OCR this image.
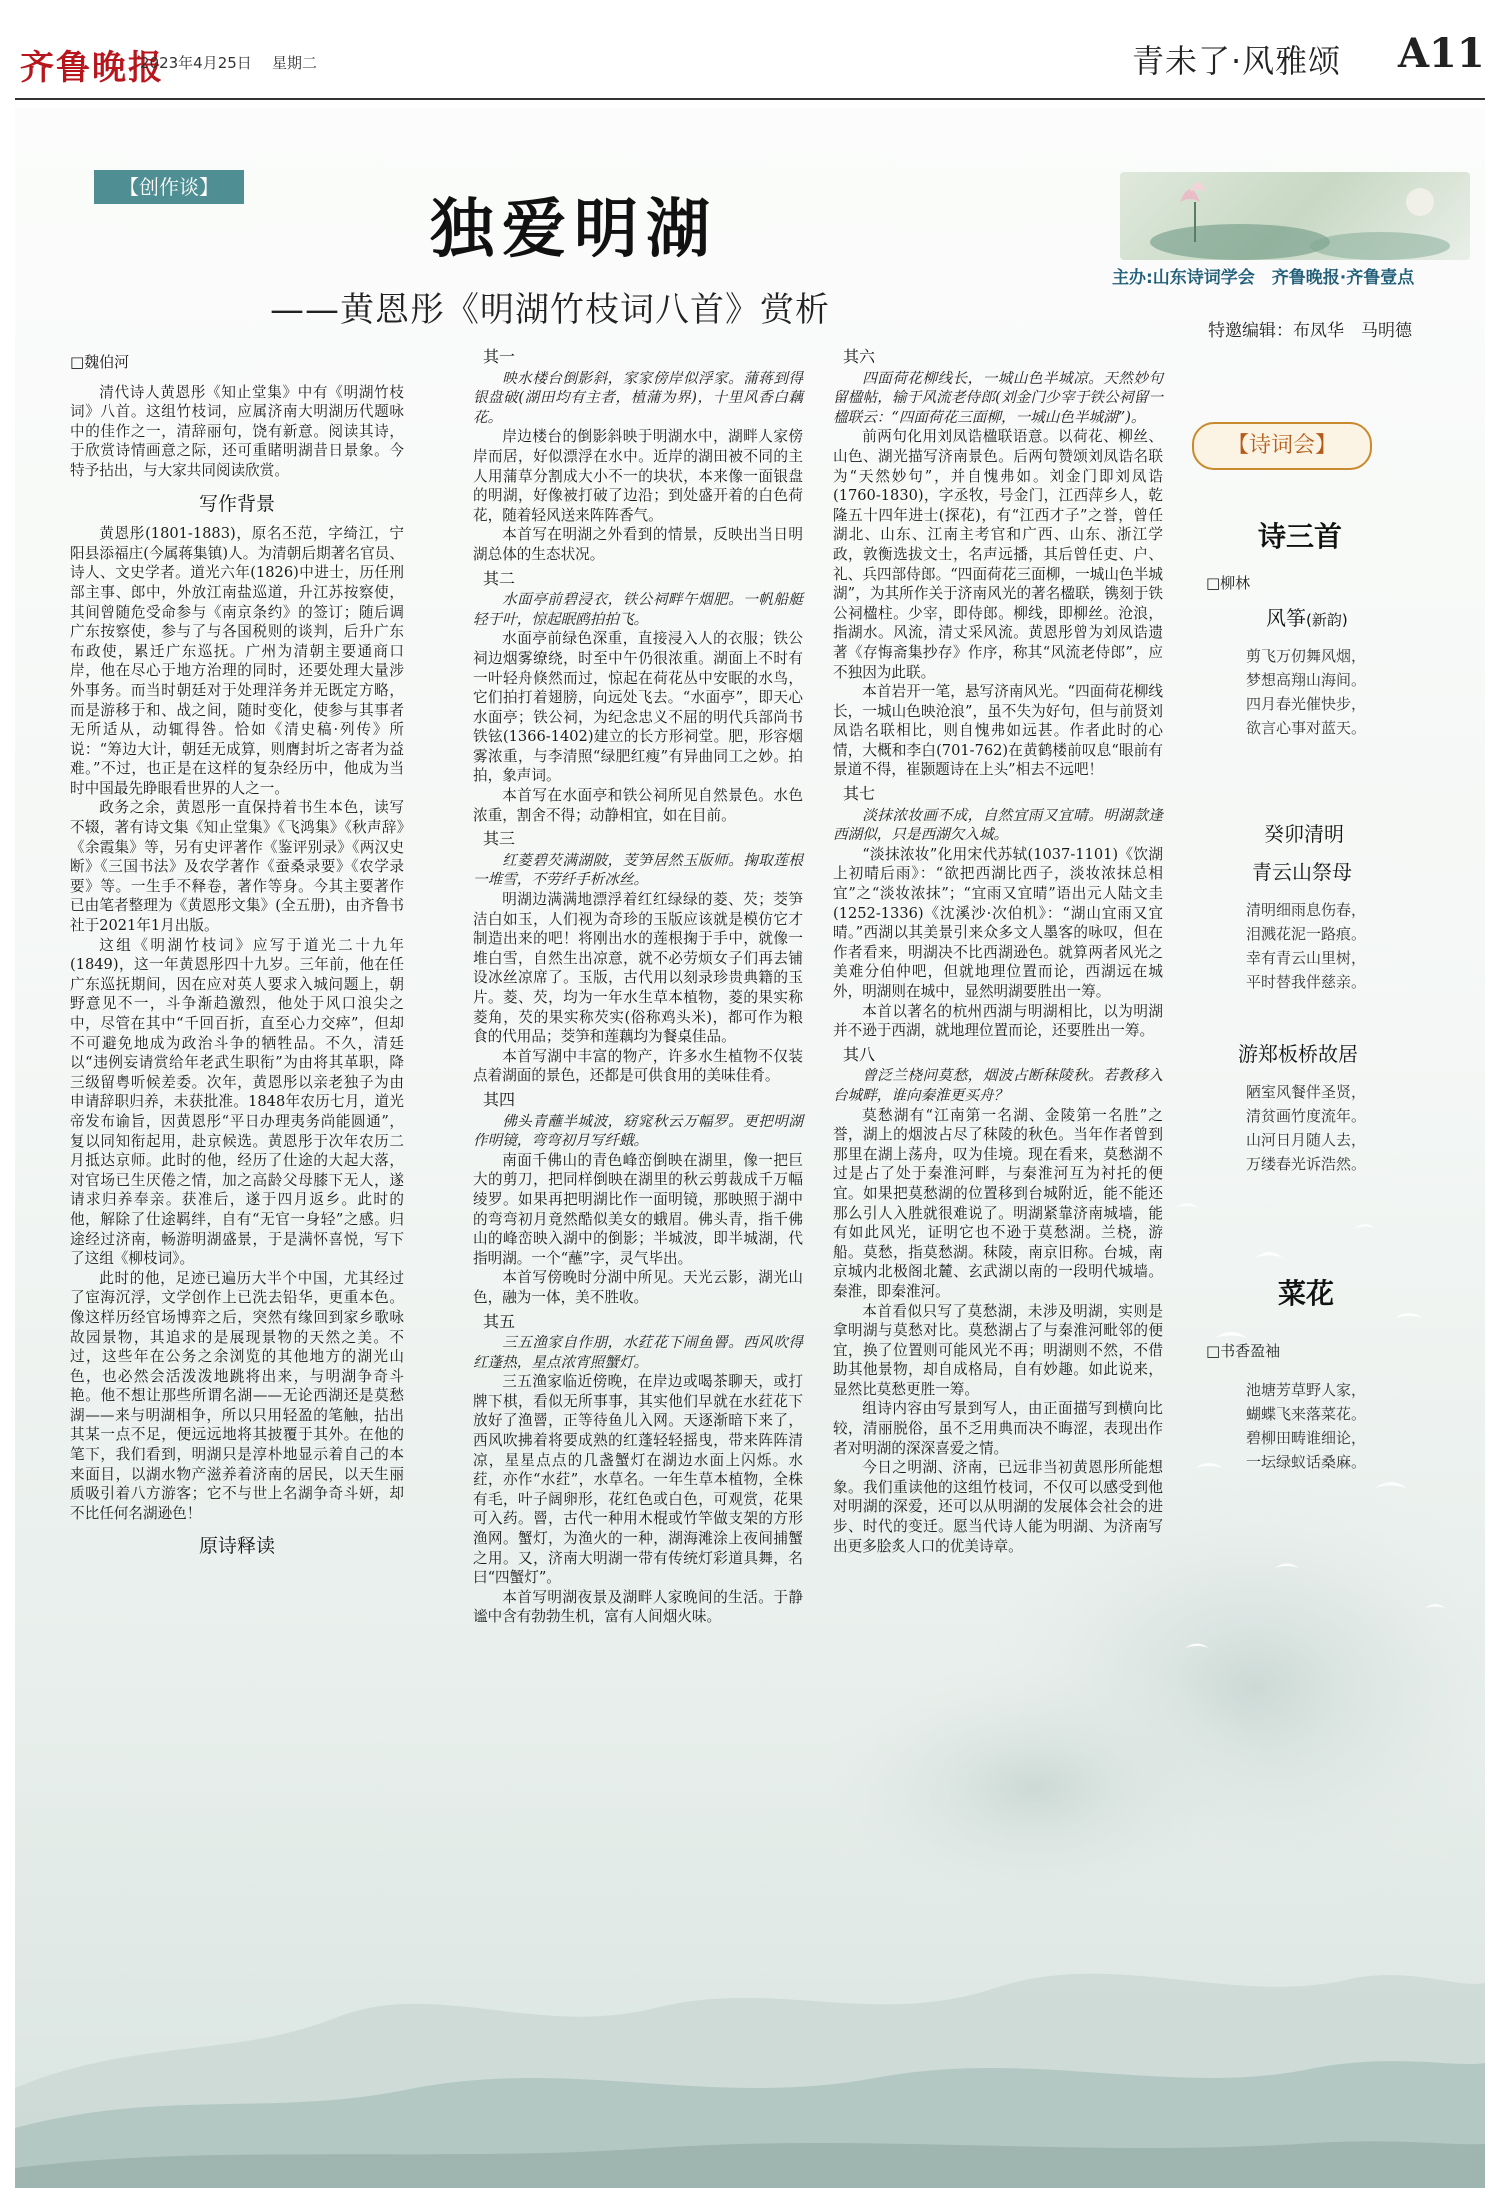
齐鲁晚报
2023年4月25日 星期二	青未了·风雅颂 A11
【创作谈】
独爱明湖
——黄恩彤《明湖竹枝词八首》赏析
主办:山东诗词学会　齐鲁晚报·齐鲁壹点
特邀编辑：布凤华　马明德
□魏伯河

清代诗人黄恩彤《知止堂集》中有《明湖竹枝词》八首。这组竹枝词，应属济南大明湖历代题咏中的佳作之一，清辞丽句，饶有新意。阅读其诗，于欣赏诗情画意之际，还可重睹明湖昔日景象。今特予拈出，与大家共同阅读欣赏。

写作背景

黄恩彤(1801-1883)，原名丕范，字绮江，宁阳县添福庄(今属蒋集镇)人。为清朝后期著名官员、诗人、文史学者。道光六年(1826)中进士，历任刑部主事、郎中，外放江南盐巡道，升江苏按察使，其间曾随危受命参与《南京条约》的签订；随后调广东按察使，参与了与各国税则的谈判，后升广东布政使，累迁广东巡抚。广州为清朝主要通商口岸，他在尽心于地方治理的同时，还要处理大量涉外事务。而当时朝廷对于处理洋务并无既定方略，而是游移于和、战之间，随时变化，使参与其事者无所适从，动辄得咎。恰如《清史稿·列传》所说：“筹边大计，朝廷无成算，则膺封圻之寄者为益难。”不过，也正是在这样的复杂经历中，他成为当时中国最先睁眼看世界的人之一。

政务之余，黄恩彤一直保持着书生本色，读写不辍，著有诗文集《知止堂集》《飞鸿集》《秋声辞》《余霞集》等，另有史评著作《鉴评别录》《两汉史断》《三国书法》及农学著作《蚕桑录要》《农学录要》等。一生手不释卷，著作等身。今其主要著作已由笔者整理为《黄恩彤文集》(全五册)，由齐鲁书社于2021年1月出版。

这组《明湖竹枝词》应写于道光二十九年(1849)，这一年黄恩彤四十九岁。三年前，他在任广东巡抚期间，因在应对英人要求入城问题上，朝野意见不一，斗争渐趋激烈，他处于风口浪尖之中，尽管在其中“千回百折，直至心力交瘁”，但却不可避免地成为政治斗争的牺牲品。不久，清廷以“违例妄请赏给年老武生职衔”为由将其革职，降三级留粤听候差委。次年，黄恩彤以亲老独子为由申请辞职归养，未获批准。1848年农历七月，道光帝发布谕旨，因黄恩彤“平日办理夷务尚能圆通”，复以同知衔起用，赴京候选。黄恩彤于次年农历二月抵达京师。此时的他，经历了仕途的大起大落，对官场已生厌倦之情，加之高龄父母膝下无人，遂请求归养奉亲。获准后，遂于四月返乡。此时的他，解除了仕途羁绊，自有“无官一身轻”之感。归途经过济南，畅游明湖盛景，于是满怀喜悦，写下了这组《柳枝词》。

此时的他，足迹已遍历大半个中国，尤其经过了宦海沉浮，文学创作上已洗去铅华，更重本色。像这样历经官场博弈之后，突然有缘回到家乡歌咏故园景物，其追求的是展现景物的天然之美。不过，这些年在公务之余浏览的其他地方的湖光山色，也必然会活泼泼地跳将出来，与明湖争奇斗艳。他不想让那些所谓名湖——无论西湖还是莫愁湖——来与明湖相争，所以只用轻盈的笔触，拈出其某一点不足，便远远地将其披覆于其外。在他的笔下，我们看到，明湖只是淳朴地显示着自己的本来面目，以湖水物产滋养着济南的居民，以天生丽质吸引着八方游客；它不与世上名湖争奇斗妍，却不比任何名湖逊色！

原诗释读
其一

映水楼台倒影斜，家家傍岸似浮家。蒲蒋到得银盘破(湖田均有主者，植蒲为界)，十里风香白藕花。

岸边楼台的倒影斜映于明湖水中，湖畔人家傍岸而居，好似漂浮在水中。近岸的湖田被不同的主人用蒲草分割成大小不一的块状，本来像一面银盘的明湖，好像被打破了边沿；到处盛开着的白色荷花，随着轻风送来阵阵香气。

本首写在明湖之外看到的情景，反映出当日明湖总体的生态状况。

其二

水面亭前碧浸衣，铁公祠畔午烟肥。一帆船艇轻于叶，惊起眠鸥拍拍飞。

水面亭前绿色深重，直接浸入人的衣服；铁公祠边烟雾缭绕，时至中午仍很浓重。湖面上不时有一叶轻舟倏然而过，惊起在荷花丛中安眠的水鸟，它们拍打着翅膀，向远处飞去。“水面亭”，即天心水面亭；铁公祠，为纪念忠义不屈的明代兵部尚书铁铉(1366-1402)建立的长方形祠堂。肥，形容烟雾浓重，与李清照“绿肥红瘦”有异曲同工之妙。拍拍，象声词。

本首写在水面亭和铁公祠所见自然景色。水色浓重，割舍不得；动静相宜，如在目前。

其三

红菱碧芡满湖陂，芰笋居然玉版师。掬取莲根一堆雪，不劳纤手析冰丝。

明湖边满满地漂浮着红红绿绿的菱、芡；茭笋洁白如玉，人们视为奇珍的玉版应该就是模仿它才制造出来的吧！将刚出水的莲根掬于手中，就像一堆白雪，自然生出凉意，就不必劳烦女子们再去铺设冰丝凉席了。玉版，古代用以刻录珍贵典籍的玉片。菱、芡，均为一年水生草本植物，菱的果实称菱角，芡的果实称芡实(俗称鸡头米)，都可作为粮食的代用品；茭笋和莲藕均为餐桌佳品。

本首写湖中丰富的物产，许多水生植物不仅装点着湖面的景色，还都是可供食用的美味佳肴。

其四

佛头青蘸半城波，窈窕秋云万幅罗。更把明湖作明镜，弯弯初月写纤蛾。

南面千佛山的青色峰峦倒映在湖里，像一把巨大的剪刀，把同样倒映在湖里的秋云剪裁成千万幅绫罗。如果再把明湖比作一面明镜，那映照于湖中的弯弯初月竟然酷似美女的蛾眉。佛头青，指千佛山的峰峦映入湖中的倒影；半城波，即半城湖，代指明湖。一个“蘸”字，灵气毕出。

本首写傍晚时分湖中所见。天光云影，湖光山色，融为一体，美不胜收。

其五

三五渔家自作朋，水荭花下闹鱼罾。西风吹得红蓬热，星点浓宵照蟹灯。

三五渔家临近傍晚，在岸边或喝茶聊天，或打牌下棋，看似无所事事，其实他们早就在水荭花下放好了渔罾，正等待鱼儿入网。天逐渐暗下来了，西风吹拂着将要成熟的红蓬轻轻摇曳，带来阵阵清凉，星星点点的几盏蟹灯在湖边水面上闪烁。水荭，亦作“水荭”，水草名。一年生草本植物，全株有毛，叶子阔卵形，花红色或白色，可观赏，花果可入药。罾，古代一种用木棍或竹竿做支架的方形渔网。蟹灯，为渔火的一种，湖海滩涂上夜间捕蟹之用。又，济南大明湖一带有传统灯彩道具舞，名曰“四蟹灯”。

本首写明湖夜景及湖畔人家晚间的生活。于静谧中含有勃勃生机，富有人间烟火味。

其六

四面荷花柳线长，一城山色半城凉。天然妙句留楹帖，输于风流老侍郎(刘金门少宰于铁公祠留一楹联云：“四面荷花三面柳，一城山色半城湖”)。

前两句化用刘凤诰楹联语意。以荷花、柳丝、山色、湖光描写济南景色。后两句赞颂刘凤诰名联为“天然妙句”，并自愧弗如。刘金门即刘凤诰(1760-1830)，字丞牧，号金门，江西萍乡人，乾隆五十四年进士(探花)，有“江西才子”之誉，曾任湖北、山东、江南主考官和广西、山东、浙江学政，敦衡选拔文士，名声远播，其后曾任吏、户、礼、兵四部侍郎。“四面荷花三面柳，一城山色半城湖”，为其所作关于济南风光的著名楹联，镌刻于铁公祠楹柱。少宰，即侍郎。柳线，即柳丝。沧浪，指湖水。风流，清丈采风流。黄恩彤曾为刘凤诰遗著《存悔斋集抄存》作序，称其“风流老侍郎”，应不独因为此联。

本首岩开一笔，悬写济南风光。“四面荷花柳线长，一城山色映沧浪”，虽不失为好句，但与前贤刘凤诰名联相比，则自愧弗如远甚。作者此时的心情，大概和李白(701-762)在黄鹤楼前叹息“眼前有景道不得，崔颢题诗在上头”相去不远吧！

其七

淡抹浓妆画不成，自然宜雨又宜晴。明湖款逢西湖似，只是西湖欠入城。

“淡抹浓妆”化用宋代苏轼(1037-1101)《饮湖上初晴后雨》：“欲把西湖比西子，淡妆浓抹总相宜”之“淡妆浓抹”；“宜雨又宜晴”语出元人陆文圭(1252-1336)《沈溪沙·次伯机》：“湖山宜雨又宜晴。”西湖以其美景引来众多文人墨客的咏叹，但在作者看来，明湖决不比西湖逊色。就算两者风光之美难分伯仲吧，但就地理位置而论，西湖远在城外，明湖则在城中，显然明湖要胜出一筹。

本首以著名的杭州西湖与明湖相比，以为明湖并不逊于西湖，就地理位置而论，还要胜出一筹。

其八

曾泛兰桡问莫愁，烟波占断秣陵秋。若教移入台城畔，谁向秦淮更买舟？

莫愁湖有“江南第一名湖、金陵第一名胜”之誉，湖上的烟波占尽了秣陵的秋色。当年作者曾到那里在湖上荡舟，叹为佳境。现在看来，莫愁湖不过是占了处于秦淮河畔，与秦淮河互为衬托的便宜。如果把莫愁湖的位置移到台城附近，能不能还那么引人入胜就很难说了。明湖紧靠济南城墙，能有如此风光，证明它也不逊于莫愁湖。兰桡，游船。莫愁，指莫愁湖。秣陵，南京旧称。台城，南京城内北极阁北麓、玄武湖以南的一段明代城墙。秦淮，即秦淮河。

本首看似只写了莫愁湖，未涉及明湖，实则是拿明湖与莫愁对比。莫愁湖占了与秦淮河毗邻的便宜，换了位置则可能风光不再；明湖则不然，不借助其他景物，却自成格局，自有妙趣。如此说来，显然比莫愁更胜一筹。

组诗内容由写景到写人，由正面描写到横向比较，清丽脱俗，虽不乏用典而决不晦涩，表现出作者对明湖的深深喜爱之情。

今日之明湖、济南，已远非当初黄恩彤所能想象。我们重读他的这组竹枝词，不仅可以感受到他对明湖的深爱，还可以从明湖的发展体会社会的进步、时代的变迁。愿当代诗人能为明湖、为济南写出更多脍炙人口的优美诗章。

【诗词会】
诗三首
□柳林
风筝(新韵)
剪飞万仞舞风烟，
梦想高翔山海间。
四月春光催快步，
欲言心事对蓝天。
癸卯清明
青云山祭母
清明细雨息伤春，
泪溅花泥一路痕。
幸有青云山里树，
平时替我伴慈亲。
游郑板桥故居
陋室风餐伴圣贤，
清贫画竹度流年。
山河日月随人去，
万缕春光诉浩然。
菜花
□书香盈袖
池塘芳草野人家，
蝴蝶飞来落菜花。
碧柳田畴谁细论，
一坛绿蚁话桑麻。
